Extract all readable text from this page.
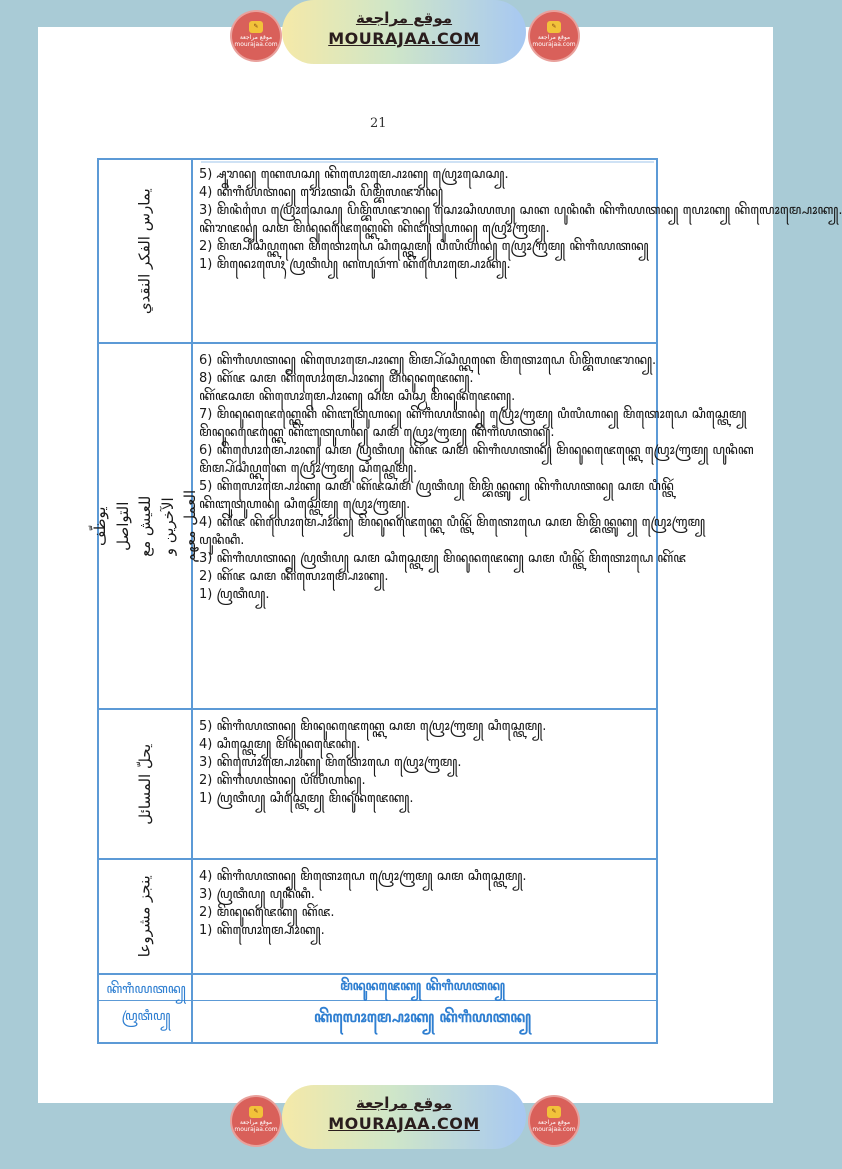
✎
موقع مراجعة mourajaa.com
موقع مراجعة
MOURAJAA.COM
✎
موقع مراجعة mourajaa.com
21
يمارس الفكر النقدي
5) ꧀ꦱꦸꦫꦤ꧀ ꦏꦺꦭꦱ꧀ ꦏꦼꦭꦺꦴꦩ꧀ꦥꦺꦴꦏ꧀ ꦥꦿꦺꦴꦱꦺꦱ꧀.
4) ꦏꦼꦒꦶꦪꦠꦤ꧀ ꦫꦺꦴꦠꦱꦶ ꦥꦼꦩ꧀ꦧꦼꦭꦗꦫꦤ꧀
3) ꦩꦼꦤꦶꦭꦻ ꦥꦿꦺꦴꦱꦺꦱ꧀ ꦥꦼꦩ꧀ꦧꦼꦭꦗꦫꦤ꧀ ꦱꦺꦴꦱꦶꦪꦭ꧀ ꦱꦏ ꦥꦸꦤꦶꦏꦶ ꦏꦼꦒꦶꦪꦠꦤ꧀ ꦥꦺꦴꦏ꧀ ꦏꦼꦭꦺꦴꦩ꧀ꦥꦺꦴꦏ꧀.
ꦏꦼꦫꦗꦤ꧀ ꦱꦩ ꦩꦼꦤꦸꦤꦗꦺꦏ꧀ꦏꦺꦏꦼ ꦏꦼꦧꦸꦠꦸꦲꦤ꧀ ꦥꦿꦺꦴꦒꦿꦩ꧀.
2) ꦩꦼꦩ꧀ꦥꦼꦂꦱꦶꦥ꧀ꦏꦏꦺ ꦩꦼꦠꦺꦴꦝꦺ ꦱꦶꦱ꧀ꦠꦺꦩ꧀ ꦥꦶꦭꦶꦲꦤ꧀ ꦥꦿꦺꦴꦒꦿꦩ꧀ ꦏꦼꦒꦶꦪꦠꦤ꧀
1) ꦩꦼꦤꦺꦴꦭꦺꦃ ꦥꦿꦠꦶꦥ꧀ ꦏꦭꦸꦮꦂꦒ ꦏꦼꦭꦺꦴꦩ꧀ꦥꦺꦴꦏ꧀.
يوظّف التواصل للعيش مع الآخرين و العمل معهم
6) ꦏꦼꦒꦶꦪꦠꦤ꧀ ꦏꦼꦭꦺꦴꦩ꧀ꦥꦺꦴꦏ꧀ ꦩꦼꦩ꧀ꦥꦼꦂꦱꦶꦥ꧀ꦏꦏꦺ ꦩꦼꦠꦺꦴꦝꦺ ꦥꦼꦩ꧀ꦧꦼꦭꦗꦫꦤ꧀.
8) ꦏꦼꦂꦗ ꦱꦩ ꦏꦼꦭꦺꦴꦩ꧀ꦥꦺꦴꦏ꧀ ꦩꦼꦤꦸꦤꦗꦺꦏ꧀.
ꦏꦼꦂꦗꦱꦩ ꦏꦼꦭꦺꦴꦩ꧀ꦥꦺꦴꦏ꧀ ꦱꦩ ꦱꦶꦱ꧀ꦮ ꦩꦼꦤꦸꦤꦗꦺꦏ꧀.
7) ꦩꦼꦤꦸꦤꦗꦺꦏ꧀ꦏꦺꦏꦼ ꦏꦼꦧꦸꦠꦸꦲꦤ꧀ ꦏꦼꦒꦶꦪꦠꦤ꧀ ꦥꦿꦺꦴꦒꦿꦩ꧀ ꦥꦶꦭꦶꦲꦤ꧀ ꦩꦼꦠꦺꦴꦝꦺ ꦱꦶꦱ꧀ꦠꦺꦩ꧀
ꦩꦼꦤꦸꦤꦗꦺꦏ꧀ꦏꦺ ꦏꦼꦧꦸꦠꦸꦲꦤ꧀ ꦱꦩ ꦥꦿꦺꦴꦒꦿꦩ꧀ ꦏꦼꦒꦶꦪꦠꦤ꧀.
6) ꦏꦼꦭꦺꦴꦩ꧀ꦥꦺꦴꦏ꧀ ꦱꦩ ꦥꦿꦠꦶꦥ꧀ ꦏꦼꦂꦗ ꦱꦩ ꦏꦼꦒꦶꦪꦠꦤ꧀ ꦩꦼꦤꦸꦤꦗꦺꦏ꧀ꦏꦺ ꦥꦿꦺꦴꦒꦿꦩ꧀ ꦥꦸꦤꦶꦏ
ꦩꦼꦩ꧀ꦥꦼꦂꦱꦶꦥ꧀ꦏꦏꦺ ꦥꦿꦺꦴꦒꦿꦩ꧀ ꦱꦶꦱ꧀ꦠꦺꦩ꧀.
5) ꦏꦼꦭꦺꦴꦩ꧀ꦥꦺꦴꦏ꧀ ꦱꦩ ꦏꦼꦂꦗꦱꦩ ꦥꦿꦠꦶꦥ꧀ ꦩꦼꦩ꧀ꦧꦼꦤ꧀ꦠꦸꦏ꧀ ꦏꦼꦒꦶꦪꦠꦤ꧀ ꦱꦩ ꦥꦶꦤ꧀ꦠꦼꦂ
ꦏꦼꦧꦸꦠꦸꦲꦤ꧀ ꦱꦶꦱ꧀ꦠꦺꦩ꧀ ꦥꦿꦺꦴꦒꦿꦩ꧀.
4) ꦏꦼꦂꦗ ꦏꦼꦭꦺꦴꦩ꧀ꦥꦺꦴꦏ꧀ ꦩꦼꦤꦸꦤꦗꦺꦏ꧀ꦏꦺ ꦥꦶꦤ꧀ꦠꦼꦂ ꦩꦼꦠꦺꦴꦝꦺ ꦱꦩ ꦩꦼꦩ꧀ꦧꦼꦤ꧀ꦠꦸꦏ꧀ ꦥꦿꦺꦴꦒꦿꦩ꧀
ꦥꦸꦤꦶꦏꦶ.
3) ꦏꦼꦒꦶꦪꦠꦤ꧀ ꦥꦿꦠꦶꦥ꧀ ꦱꦩ ꦱꦶꦱ꧀ꦠꦺꦩ꧀ ꦩꦼꦤꦸꦤꦗꦺꦏ꧀ ꦱꦩ ꦥꦶꦤ꧀ꦠꦼꦂ ꦩꦼꦠꦺꦴꦝꦺ ꦏꦼꦂꦗ
2) ꦏꦼꦂꦗ ꦱꦩ ꦏꦼꦭꦺꦴꦩ꧀ꦥꦺꦴꦏ꧀.
1) ꦥꦿꦠꦶꦥ꧀.
يحلّ المسائل
5) ꦏꦼꦒꦶꦪꦠꦤ꧀ ꦩꦼꦤꦸꦤꦗꦺꦏ꧀ꦏꦺ ꦱꦩ ꦥꦿꦺꦴꦒꦿꦩ꧀ ꦱꦶꦱ꧀ꦠꦺꦩ꧀.
4) ꦱꦶꦱ꧀ꦠꦺꦩ꧀ ꦩꦼꦤꦸꦤꦗꦺꦏ꧀.
3) ꦏꦼꦭꦺꦴꦩ꧀ꦥꦺꦴꦏ꧀ ꦩꦼꦠꦺꦴꦝꦺ ꦥꦿꦺꦴꦒꦿꦩ꧀.
2) ꦏꦼꦒꦶꦪꦠꦤ꧀ ꦥꦶꦭꦶꦲꦤ꧀.
1) ꦥꦿꦠꦶꦥ꧀ ꦱꦶꦱ꧀ꦠꦺꦩ꧀ ꦩꦼꦤꦸꦤꦗꦺꦏ꧀.
ينجز مشروعا	4) ꦏꦼꦒꦶꦪꦠꦤ꧀ ꦩꦼꦠꦺꦴꦝꦺ ꦥꦿꦺꦴꦒꦿꦩ꧀ ꦱꦩ ꦱꦶꦱ꧀ꦠꦺꦩ꧀.
3) ꦥꦿꦠꦶꦥ꧀ ꦥꦸꦤꦶꦏꦶ.
2) ꦩꦼꦤꦸꦤꦗꦺꦏ꧀ ꦏꦼꦂꦗ.
1) ꦏꦼꦭꦺꦴꦩ꧀ꦥꦺꦴꦏ꧀.
ꦏꦼꦒꦶꦪꦠꦤ꧀ ꦥꦿꦠꦶꦥ꧀
ꦩꦼꦤꦸꦤꦗꦺꦏ꧀ ꦏꦼꦒꦶꦪꦠꦤ꧀
ꦏꦼꦭꦺꦴꦩ꧀ꦥꦺꦴꦏ꧀ ꦏꦼꦒꦶꦪꦠꦤ꧀
✎
موقع مراجعة mourajaa.com
موقع مراجعة
MOURAJAA.COM
✎
موقع مراجعة mourajaa.com
